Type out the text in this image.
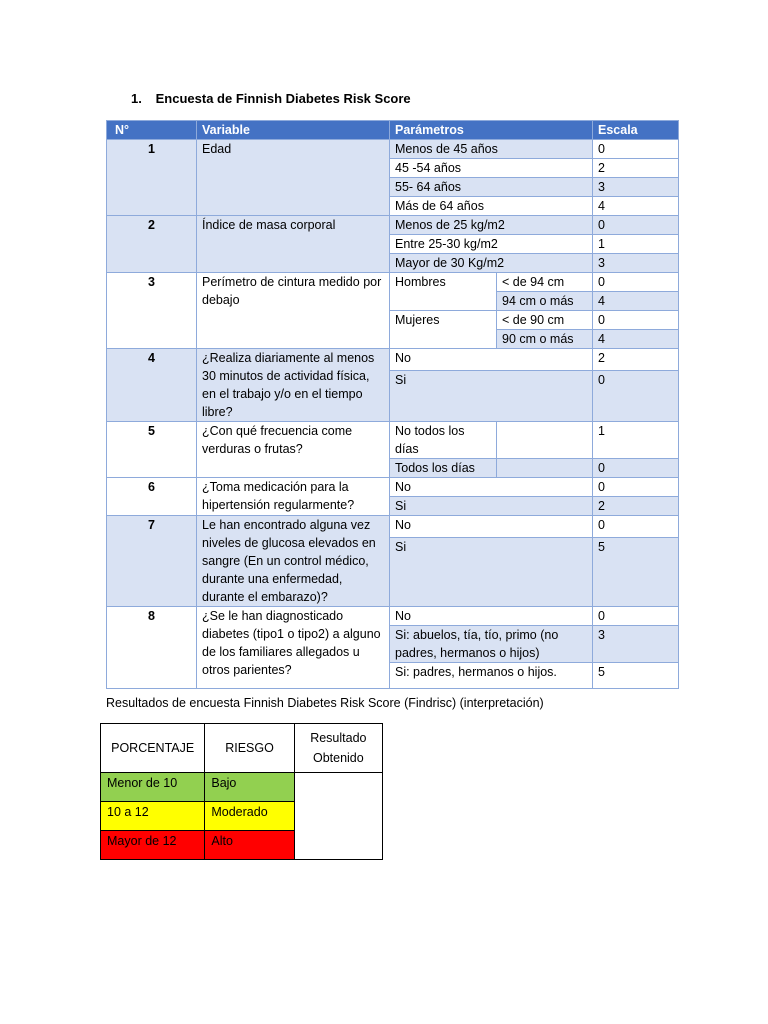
1. Encuesta de Finnish Diabetes Risk Score
N°	Variable	Parámetros		Escala
1	Edad	Menos de 45 años		0
		45 -54 años		2
		55- 64 años		3
		Más de 64 años		4
2	Índice de masa corporal	Menos de 25 kg/m2		0
		Entre 25-30 kg/m2		1
		Mayor de 30 Kg/m2		3
3	Perímetro de cintura medido por debajo	Hombres	< de 94 cm	0
			94 cm o más	4
		Mujeres	< de 90 cm	0
			90 cm o más	4
4	¿Realiza diariamente al menos 30 minutos de actividad física, en el trabajo y/o en el tiempo libre?	No		2
		Si		0
5	¿Con qué frecuencia come verduras o frutas?	No todos los días		1
		Todos los días		0
6	¿Toma medicación para la hipertensión regularmente?	No		0
		Si		2
7	Le han encontrado alguna vez niveles de glucosa elevados en sangre (En un control médico, durante una enfermedad, durante el embarazo)?	No		0
		Si		5
8	¿Se le han diagnosticado diabetes (tipo1 o tipo2) a alguno de los familiares allegados u otros parientes?	No		0
		Si: abuelos, tía, tío, primo (no padres, hermanos o hijos)		3
		Si: padres, hermanos o hijos.		5
Resultados de encuesta Finnish Diabetes Risk Score (Findrisc) (interpretación)
PORCENTAJE	RIESGO	Resultado Obtenido
Menor de 10	Bajo	
10 a 12	Moderado	
Mayor de 12	Alto	
